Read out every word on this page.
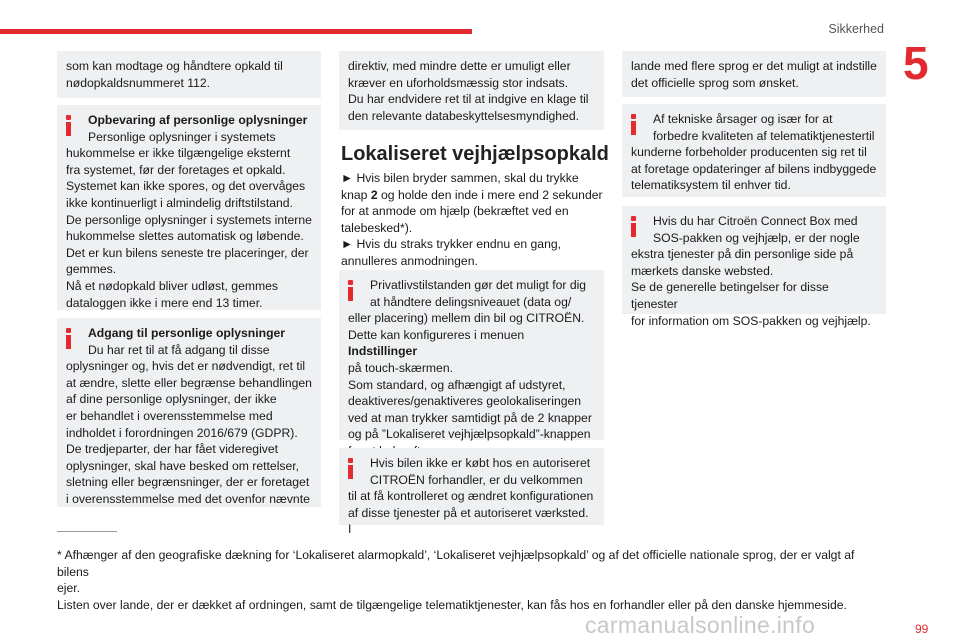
Sikkerhed
5

som kan modtage og håndtere opkald til

nødopkaldsnummeret 112.

Opbevaring af personlige oplysninger
Personlige oplysninger i systemets

hukommelse er ikke tilgængelige eksternt

fra systemet, før der foretages et opkald.

Systemet kan ikke spores, og det overvåges

ikke kontinuerligt i almindelig driftstilstand.

De personlige oplysninger i systemets interne

hukommelse slettes automatisk og løbende.

Det er kun bilens seneste tre placeringer, der

gemmes.

Nå et nødopkald bliver udløst, gemmes

dataloggen ikke i mere end 13 timer.

Adgang til personlige oplysninger
Du har ret til at få adgang til disse

oplysninger og, hvis det er nødvendigt, ret til

at ændre, slette eller begrænse behandlingen

af dine personlige oplysninger, der ikke

er behandlet i overensstemmelse med

indholdet i forordningen 2016/679 (GDPR).

De tredjeparter, der har fået videregivet

oplysninger, skal have besked om rettelser,

sletning eller begrænsninger, der er foretaget

i overensstemmelse med det ovenfor nævnte

direktiv, med mindre dette er umuligt eller

kræver en uforholdsmæssig stor indsats.

Du har endvidere ret til at indgive en klage til

den relevante databeskyttelsesmyndighed.

Lokaliseret vejhjælpsopkald
► Hvis bilen bryder sammen, skal du trykke
knap 2 og holde den inde i mere end 2 sekunder
for at anmode om hjælp (bekræftet ved en
talebesked*).
► Hvis du straks trykker endnu en gang,
annulleres anmodningen.
Privatlivstilstanden gør det muligt for dig
at håndtere delingsniveauet (data og/

eller placering) mellem din bil og CITROËN.

Dette kan konfigureres i menuen Indstillinger

på touch-skærmen.

Som standard, og afhængigt af udstyret,

deaktiveres/genaktiveres geolokaliseringen

ved at man trykker samtidigt på de 2 knapper

og på ”Lokaliseret vejhjælpsopkald”-knappen

Hvis bilen ikke er købt hos en autoriseret
CITROËN forhandler, er du velkommen

til at få kontrolleret og ændret konfigurationen

af disse tjenester på et autoriseret værksted. I

lande med flere sprog er det muligt at indstille

det officielle sprog som ønsket.

Af tekniske årsager og især for at
forbedre kvaliteten af telematiktjenestertil

kunderne forbeholder producenten sig ret til

at foretage opdateringer af bilens indbyggede

telematiksystem til enhver tid.

Hvis du har Citroën Connect Box med
SOS-pakken og vejhjælp, er der nogle

ekstra tjenester på din personlige side på

mærkets danske websted.

Se de generelle betingelser for disse tjenester

for information om SOS-pakken og vejhjælp.

* Afhænger af den geografiske dækning for ‘Lokaliseret alarmopkald’, ‘Lokaliseret vejhjælpsopkald’ og af det officielle nationale sprog, der er valgt af bilens
ejer.
Listen over lande, der er dækket af ordningen, samt de tilgængelige telematiktjenester, kan fås hos en forhandler eller på den danske hjemmeside.
carmanualsonline.info	99
